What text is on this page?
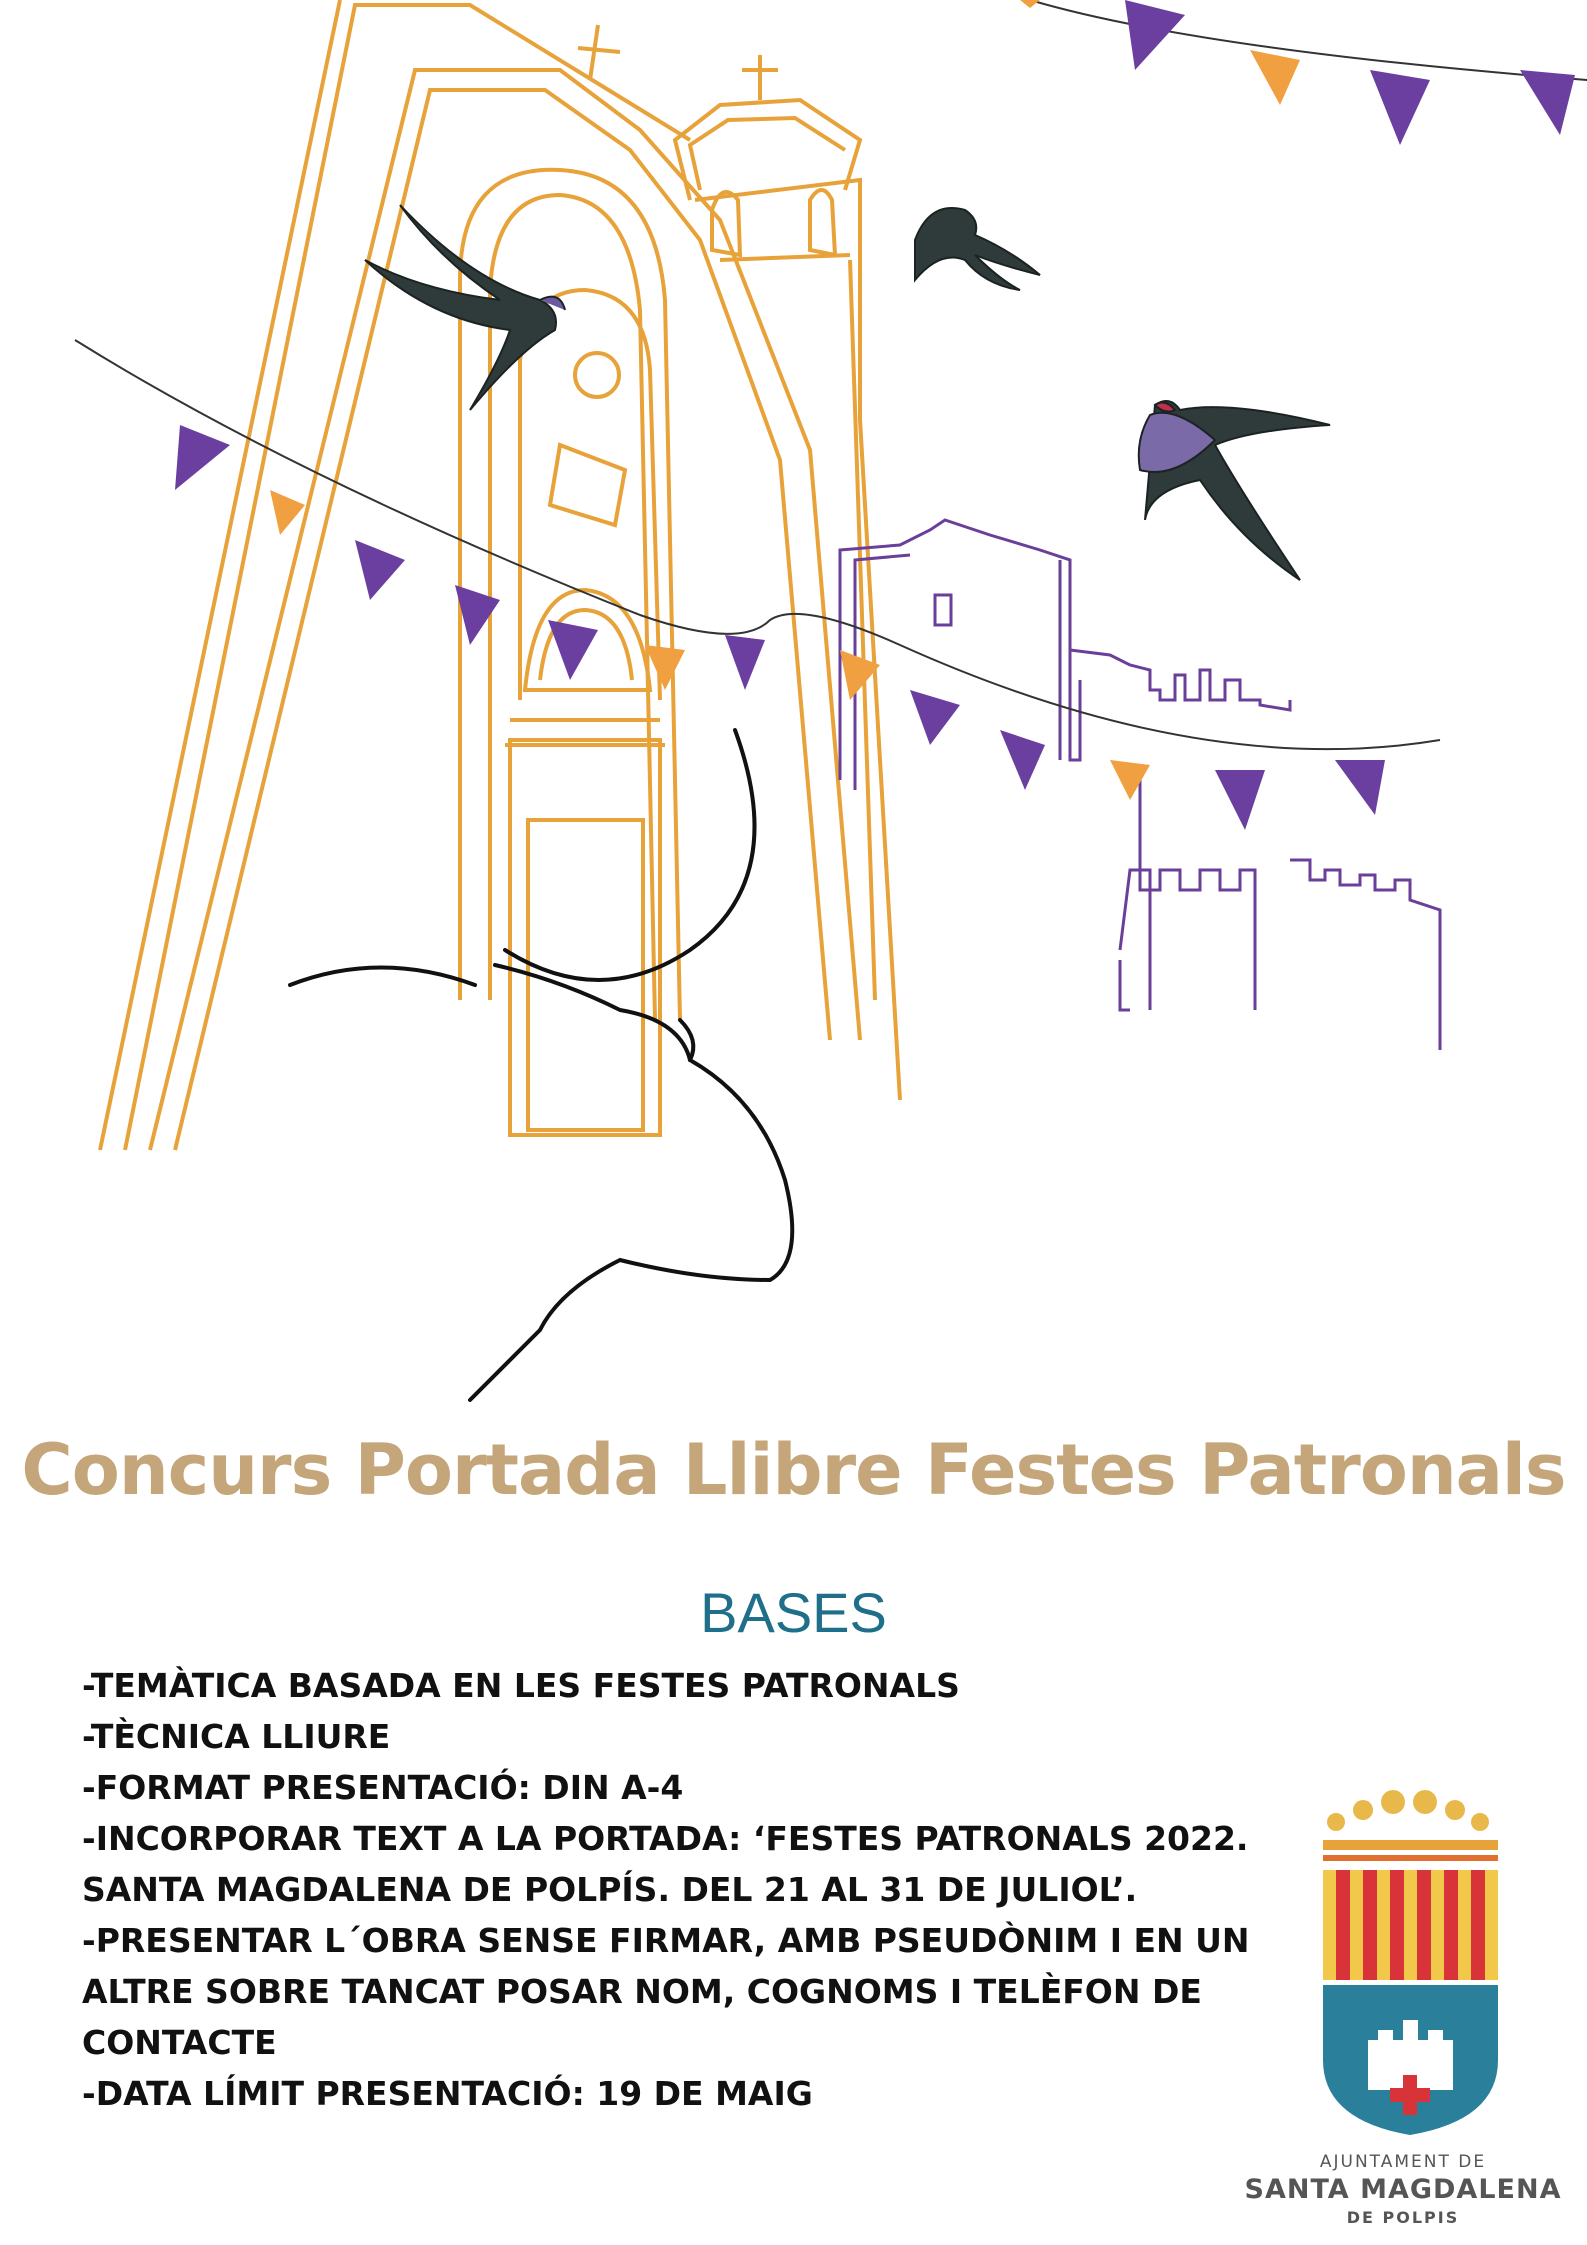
Concurs Portada Llibre Festes Patronals
BASES
-TEMÀTICA BASADA EN LES FESTES PATRONALS
-TÈCNICA LLIURE
-FORMAT PRESENTACIÓ: DIN A-4
-INCORPORAR TEXT A LA PORTADA: ‘FESTES PATRONALS 2022.
SANTA MAGDALENA DE POLPÍS. DEL 21 AL 31 DE JULIOL’.
-PRESENTAR L´OBRA SENSE FIRMAR, AMB PSEUDÒNIM I EN UN
ALTRE SOBRE TANCAT POSAR NOM, COGNOMS I TELÈFON DE
CONTACTE
-DATA LÍMIT PRESENTACIÓ: 19 DE MAIG
AJUNTAMENT DE
SANTA MAGDALENA
DE POLPIS
